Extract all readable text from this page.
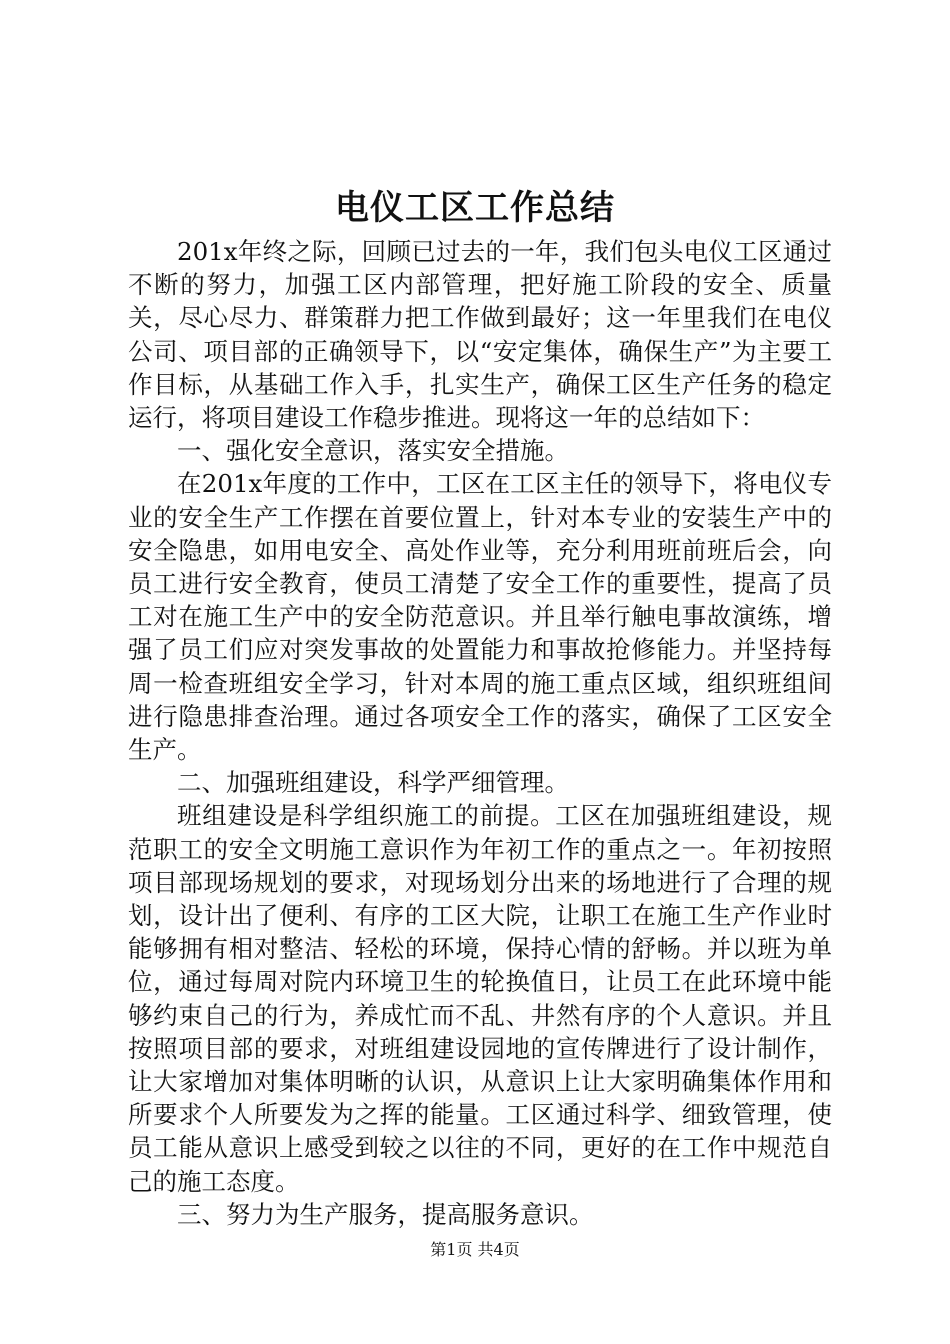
电仪工区工作总结

201x年终之际，回顾已过去的一年，我们包头电仪工区通过不断的努力，加强工区内部管理，把好施工阶段的安全、质量关，尽心尽力、群策群力把工作做到最好；这一年里我们在电仪公司、项目部的正确领导下，以“安定集体，确保生产”为主要工作目标，从基础工作入手，扎实生产，确保工区生产任务的稳定运行，将项目建设工作稳步推进。现将这一年的总结如下：

一、强化安全意识，落实安全措施。

在201x年度的工作中，工区在工区主任的领导下，将电仪专业的安全生产工作摆在首要位置上，针对本专业的安装生产中的安全隐患，如用电安全、高处作业等，充分利用班前班后会，向员工进行安全教育，使员工清楚了安全工作的重要性，提高了员工对在施工生产中的安全防范意识。并且举行触电事故演练，增强了员工们应对突发事故的处置能力和事故抢修能力。并坚持每周一检查班组安全学习，针对本周的施工重点区域，组织班组间进行隐患排查治理。通过各项安全工作的落实，确保了工区安全生产。

二、加强班组建设，科学严细管理。

班组建设是科学组织施工的前提。工区在加强班组建设，规范职工的安全文明施工意识作为年初工作的重点之一。年初按照项目部现场规划的要求，对现场划分出来的场地进行了合理的规划，设计出了便利、有序的工区大院，让职工在施工生产作业时能够拥有相对整洁、轻松的环境，保持心情的舒畅。并以班为单位，通过每周对院内环境卫生的轮换值日，让员工在此环境中能够约束自己的行为，养成忙而不乱、井然有序的个人意识。并且按照项目部的要求，对班组建设园地的宣传牌进行了设计制作，让大家增加对集体明晰的认识，从意识上让大家明确集体作用和所要求个人所要发为之挥的能量。工区通过科学、细致管理，使员工能从意识上感受到较之以往的不同，更好的在工作中规范自己的施工态度。

三、努力为生产服务，提高服务意识。

第1页 共4页
